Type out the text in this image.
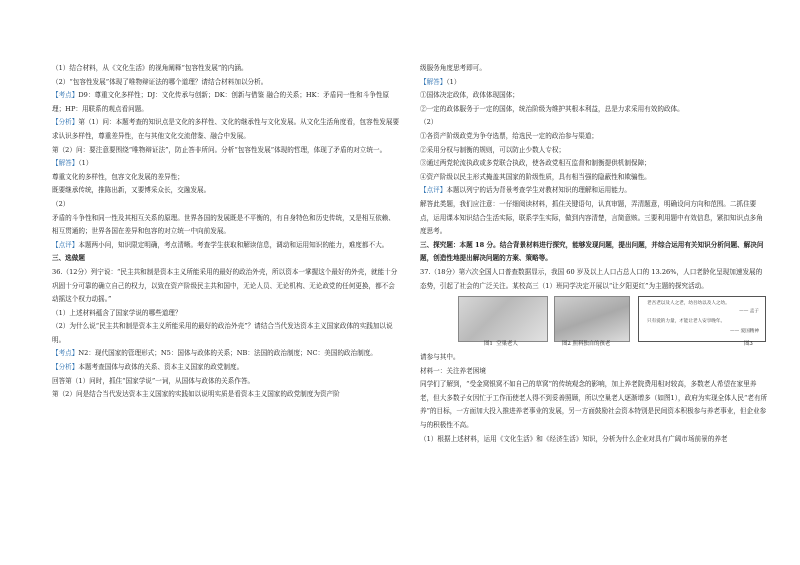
（1）结合材料，从《文化生活》的视角阐释“包容性发展”的内涵。

（2）“包容性发展”体现了唯物辩证法的哪个道理？请结合材料加以分析。

【考点】D9：尊重文化多样性；DJ：文化传承与创新；DK：创新与借鉴 融合的关系；HK：矛盾同一性和斗争性原理；HP：用联系的观点看问题。

【分析】第（1）问：本题考查的知识点是文化的多样性、文化的继承性与文化发展。从文化生活角度看，包容性发展要求认识多样性，尊重差异性，在与其他文化交流借鉴、融合中发展。

第（2）问：要注意要围绕“唯物辩证法”，防止答非所问。分析“包容性发展”体现的哲理，体现了矛盾的对立统一。

【解答】（1）

尊重文化的多样性，包容文化发展的差异性；

既要继承传统，推陈出新，又要博采众长，交融发展。

（2）

矛盾的斗争性和同一性及其相互关系的原理。世界各国的发展既是不平衡的，有自身特色和历史传统，又是相互依赖、相互贯通的；世界各国在差异和包容的对立统一中向前发展。

【点评】本题两小问，知识限定明确，考点清晰。考查学生获取和解读信息，调动和运用知识的能力，难度都不大。

三、选做题

36.（12分）列宁说：“民主共和制是资本主义所能采用的最好的政治外壳，所以资本一掌握这个最好的外壳，就能十分巩固十分可靠的确立自己的权力，以致在资产阶级民主共和国中，无论人员、无论机构、无论政党的任何更换，都不会动摇这个权力动摇。”

（1）上述材料蕴含了国家学说的哪些道理？

（2）为什么说“民主共和制是资本主义所能采用的最好的政治外壳”？请结合当代发达资本主义国家政体的实践加以说明。

【考点】N2：现代国家的管理形式；N5：国体与政体的关系；NB：法国的政治制度；NC：美国的政治制度。

【分析】本题考查国体与政体的关系、资本主义国家的政党制度。

回答第（1）问时，抓住“国家学说”一词，从国体与政体的关系作答。

第（2）问是结合当代发达资本主义国家的实践如以说明实质是看资本主义国家的政党制度为资产阶

级服务角度思考即可。

【解答】（1）

①国体决定政体，政体体现国体；

②一定的政体服务于一定的国体，统治阶级为维护其根本利益，总是力求采用有效的政体。

（2）

①各资产阶级政党为争夺选票，给选民一定的政治参与渠道；

②采用分权与制衡的规则，可以防止少数人专权；

③通过两党轮流执政或多党联合执政，使各政党相互监督和制衡提供机制保障；

④资产阶级以民主形式掩盖其国家的阶级性质，具有相当强的隐蔽性和欺骗性。

【点评】本题以列宁的话为背景考查学生对教材知识的理解和运用能力。

解答此类题，我们应注意：一仔细阅读材料，抓住关键语句，认真审题，弄清题意，明确设问方向和范围。二抓住要点，运用课本知识结合生活实际，联系学生实际，做到内容清楚，言简意赅。三要利用题中有效信息，紧扣知识点多角度思考。

三、探究题：本题 18 分。结合背景材料进行探究，能够发现问题，提出问题，并综合运用有关知识分析问题、解决问题，创造性地提出解决问题的方案、策略等。

37.（18分）第六次全国人口普查数据显示，我国 60 岁及以上人口占总人口的 13.26%，人口老龄化呈现加速发展的态势，引起了社会的广泛关注。某校高三（1）班同学决定开展以“让夕阳更红”为主题的探究活动。

图1 空巢老人	图2 照料独自的孩老
老吾老以及人之老，幼吾幼以及人之幼。
—— 孟子
只有爱的力量，才能让老人安享晚年。
—— 爱国精神
图3

请参与其中。

材料一：关注养老困境

同学们了解到，“受金窝银窝不如自己的草窝”的传统观念的影响，加上养老院费用相对较高，多数老人希望在家里养老，但大多数子女因忙于工作而使老人得不到妥善照顾，所以空巢老人逐渐增多（如图1），政府为实现全体人民“老有所养”的目标，一方面加大投入推进养老事业的发展，另一方面鼓励社会资本特别是民间资本积极参与养老事业，但企业参与的积极性不高。

（1）根据上述材料，运用《文化生活》和《经济生活》知识，分析为什么企业对具有广阔市场前景的养老
